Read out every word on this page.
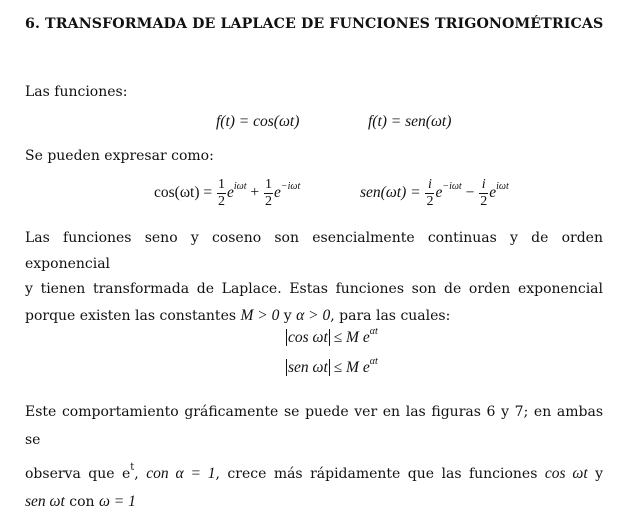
6. TRANSFORMADA DE LAPLACE DE FUNCIONES TRIGONOMÉTRICAS
Las funciones:
f(t) = cos(ωt)	f(t) = sen(ωt)
Se pueden expresar como:
$\cos(\omega t) = \frac{1}{2} e^{i\omega t} + \frac{1}{2} e^{-i\omega t}$	$sen(\omega t) = \frac{i}{2} e^{-i\omega t} - \frac{i}{2} e^{i\omega t}$
Las funciones seno y coseno son esencialmente continuas y de orden exponencial
y tienen transformada de Laplace. Estas funciones son de orden exponencial
porque existen las constantes M > 0 y α > 0, para las cuales:
cos ωt ≤ M $e^{\alpha t}$
sen ωt ≤ M $e^{\alpha t}$
Este comportamiento gráficamente se puede ver en las figuras 6 y 7; en ambas se
observa que $e^t$, con α = 1, crece más rápidamente que las funciones cos ωt y
sen ωt con ω = 1
